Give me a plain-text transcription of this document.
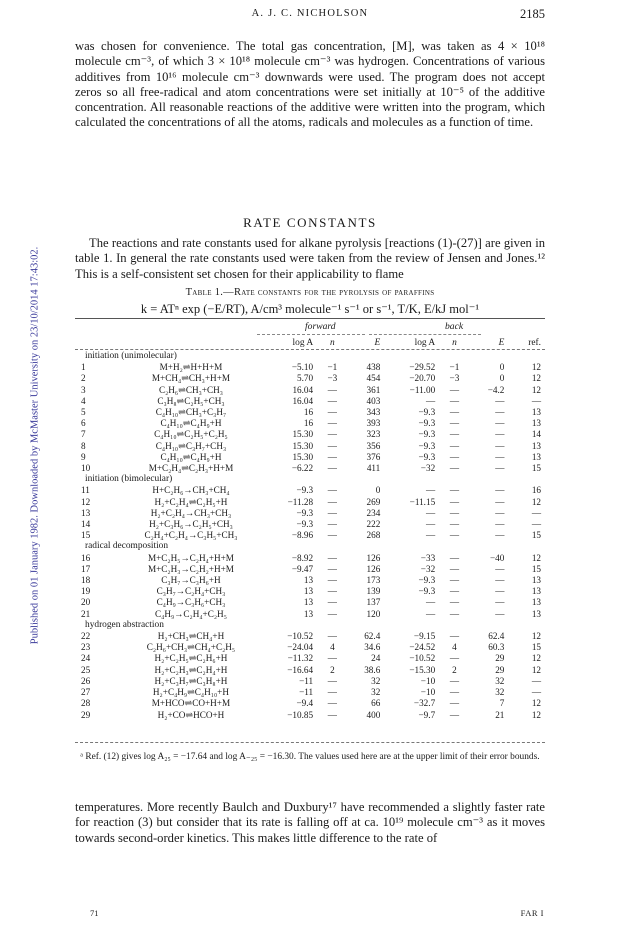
Published on 01 January 1982. Downloaded by McMaster University on 23/10/2014 17:43:02.
A. J. C. NICHOLSON	2185

was chosen for convenience. The total gas concentration, [M], was taken as 4 × 10¹⁸ molecule cm⁻³, of which 3 × 10¹⁸ molecule cm⁻³ was hydrogen. Concentrations of various additives from 10¹⁶ molecule cm⁻³ downwards were used. The program does not accept zeros so all free-radical and atom concentrations were set initially at 10⁻⁵ of the additive concentration. All reasonable reactions of the additive were written into the program, which calculated the concentrations of all the atoms, radicals and molecules as a function of time.

RATE CONSTANTS

The reactions and rate constants used for alkane pyrolysis [reactions (1)-(27)] are given in table 1. In general the rate constants used were taken from the review of Jensen and Jones.¹² This is a self-consistent set chosen for their applicability to flame

Table 1.—Rate constants for the pyrolysis of paraffins
k = ATⁿ exp (−E/RT), A/cm³ molecule⁻¹ s⁻¹ or s⁻¹, T/K, E/kJ mol⁻¹
forward	back
		log A	n	E	log A	n	E	ref.
initiation (unimolecular)								
1	M+H₂⇌H+H+M	−5.10	−1	438	−29.52	−1	0	12
2	M+CH₄⇌CH₃+H+M	5.70	−3	454	−20.70	−3	0	12
3	C₂H₆⇌CH₃+CH₃	16.04	—	361	−11.00	—	−4.2	12
4	C₃H₈⇌C₂H₅+CH₃	16.04	—	403	—	—	—	—
5	C₄H₁₀⇌CH₃+C₃H₇	16	—	343	−9.3	—	—	13
6	C₄H₁₀⇌C₄H₉+H	16	—	393	−9.3	—	—	13
7	C₄H₁₀⇌C₂H₅+C₂H₅	15.30	—	323	−9.3	—	—	14
8	C₄H₁₀⇌C₃H₇+CH₃	15.30	—	356	−9.3	—	—	13
9	C₄H₁₀⇌C₄H₉+H	15.30	—	376	−9.3	—	—	13
10	M+C₂H₄⇌C₂H₃+H+M	−6.22	—	411	−32	—	—	15
initiation (bimolecular)								
11	H+C₂H₆→CH₃+CH₄	−9.3	—	0	—	—	—	16
12	H₂+C₂H₄⇌C₂H₅+H	−11.28	—	269	−11.15	—	—	12
13	H₂+C₂H₄→CH₃+CH₃	−9.3	—	234	—	—	—	—
14	H₂+C₃H₆→C₂H₅+CH₃	−9.3	—	222	—	—	—	—
15	C₂H₄+C₂H₄→C₃H₅+CH₃	−8.96	—	268	—	—	—	15
radical decomposition								
16	M+C₂H₅→C₂H₄+H+M	−8.92	—	126	−33	—	−40	12
17	M+C₂H₃→C₂H₂+H+M	−9.47	—	126	−32	—	—	15
18	C₃H₇→C₃H₆+H	13	—	173	−9.3	—	—	13
19	C₃H₇→C₂H₄+CH₃	13	—	139	−9.3	—	—	13
20	C₄H₉→C₃H₆+CH₃	13	—	137	—	—	—	13
21	C₄H₉→C₂H₄+C₂H₅	13	—	120	—	—	—	13
hydrogen abstraction								
22	H₂+CH₃⇌CH₄+H	−10.52	—	62.4	−9.15	—	62.4	12
23	C₂H₆+CH₃⇌CH₄+C₂H₅	−24.04	4	34.6	−24.52	4	60.3	15
24	H₂+C₂H₅⇌C₂H₆+H	−11.32	—	24	−10.52	—	29	12
25	H₂+C₂H₃⇌C₂H₄+H	−16.64	2	38.6	−15.30	2	29	12
26	H₂+C₃H₇⇌C₃H₈+H	−11	—	32	−10	—	32	—
27	H₂+C₄H₉⇌C₄H₁₀+H	−11	—	32	−10	—	32	—
28	M+HCO⇌CO+H+M	−9.4	—	66	−32.7	—	7	12
29	H₂+CO⇌HCO+H	−10.85	—	400	−9.7	—	21	12
ᵃ Ref. (12) gives log A₂₅ = −17.64 and log A₋₂₅ = −16.30. The values used here are at the upper limit of their error bounds.

temperatures. More recently Baulch and Duxbury¹⁷ have recommended a slightly faster rate for reaction (3) but consider that its rate is falling off at ca. 10¹⁹ molecule cm⁻³ as it moves towards second-order kinetics. This makes little difference to the rate of

71	FAR I
